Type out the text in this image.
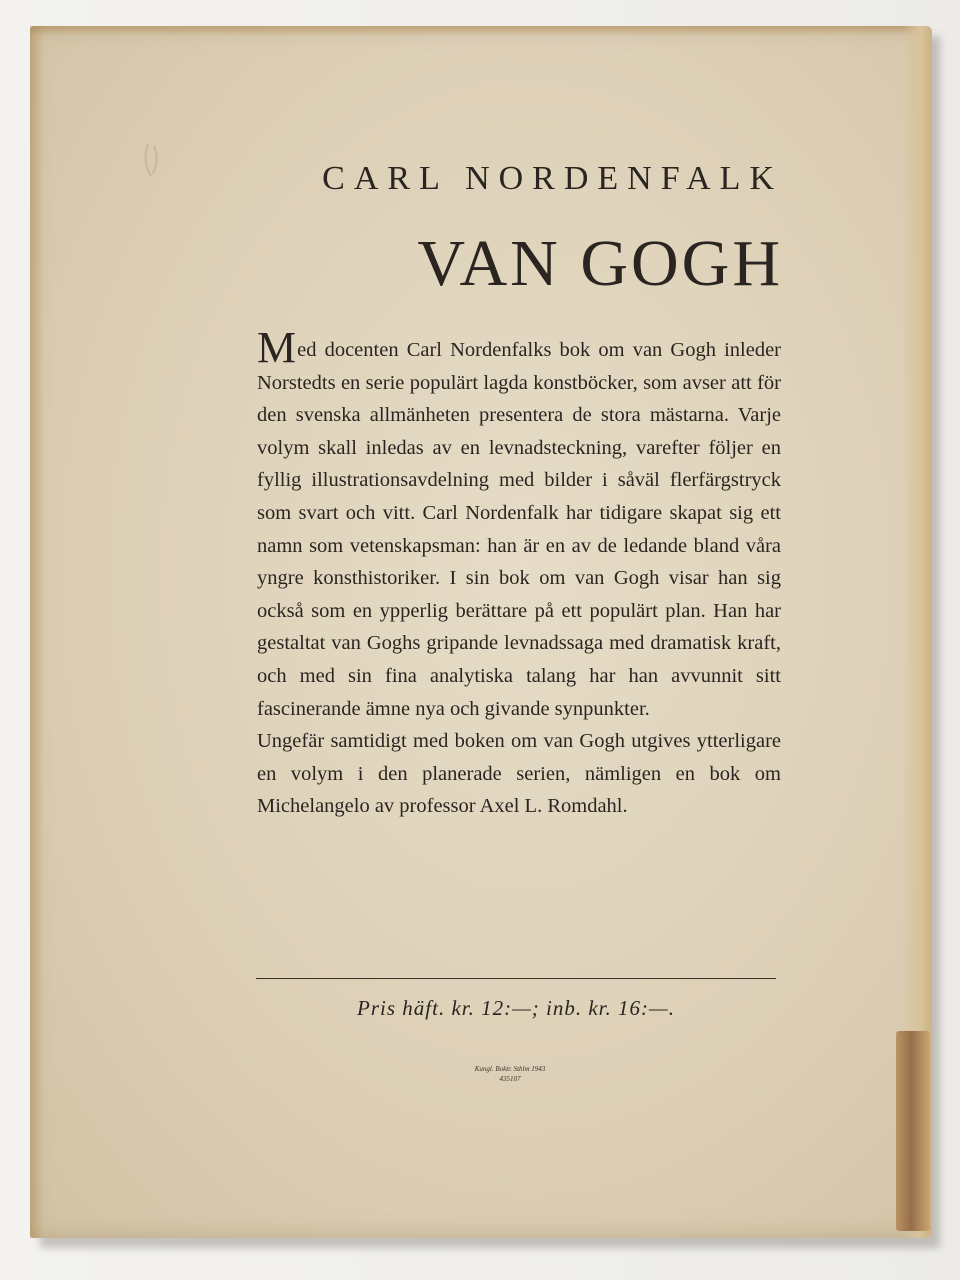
CARL NORDENFALK
VAN GOGH

Med docenten Carl Nordenfalks bok om van Gogh inleder Norstedts en serie populärt lagda konstböcker, som avser att för den svenska allmänheten presentera de stora mästarna. Varje volym skall inledas av en levnadsteckning, varefter följer en fyllig illustrationsavdelning med bilder i såväl flerfärgstryck som svart och vitt. Carl Nordenfalk har tidigare skapat sig ett namn som vetenskapsman: han är en av de ledande bland våra yngre konsthistoriker. I sin bok om van Gogh visar han sig också som en ypperlig berättare på ett populärt plan. Han har gestaltat van Goghs gripande levnadssaga med dramatisk kraft, och med sin fina analytiska talang har han avvunnit sitt fascinerande ämne nya och givande synpunkter.

Ungefär samtidigt med boken om van Gogh utgives ytterligare en volym i den planerade serien, nämligen en bok om Michelangelo av professor Axel L. Romdahl.

Pris häft. kr. 12:—; inb. kr. 16:—.
Kungl. Boktr. Sthlm 1943
435107
